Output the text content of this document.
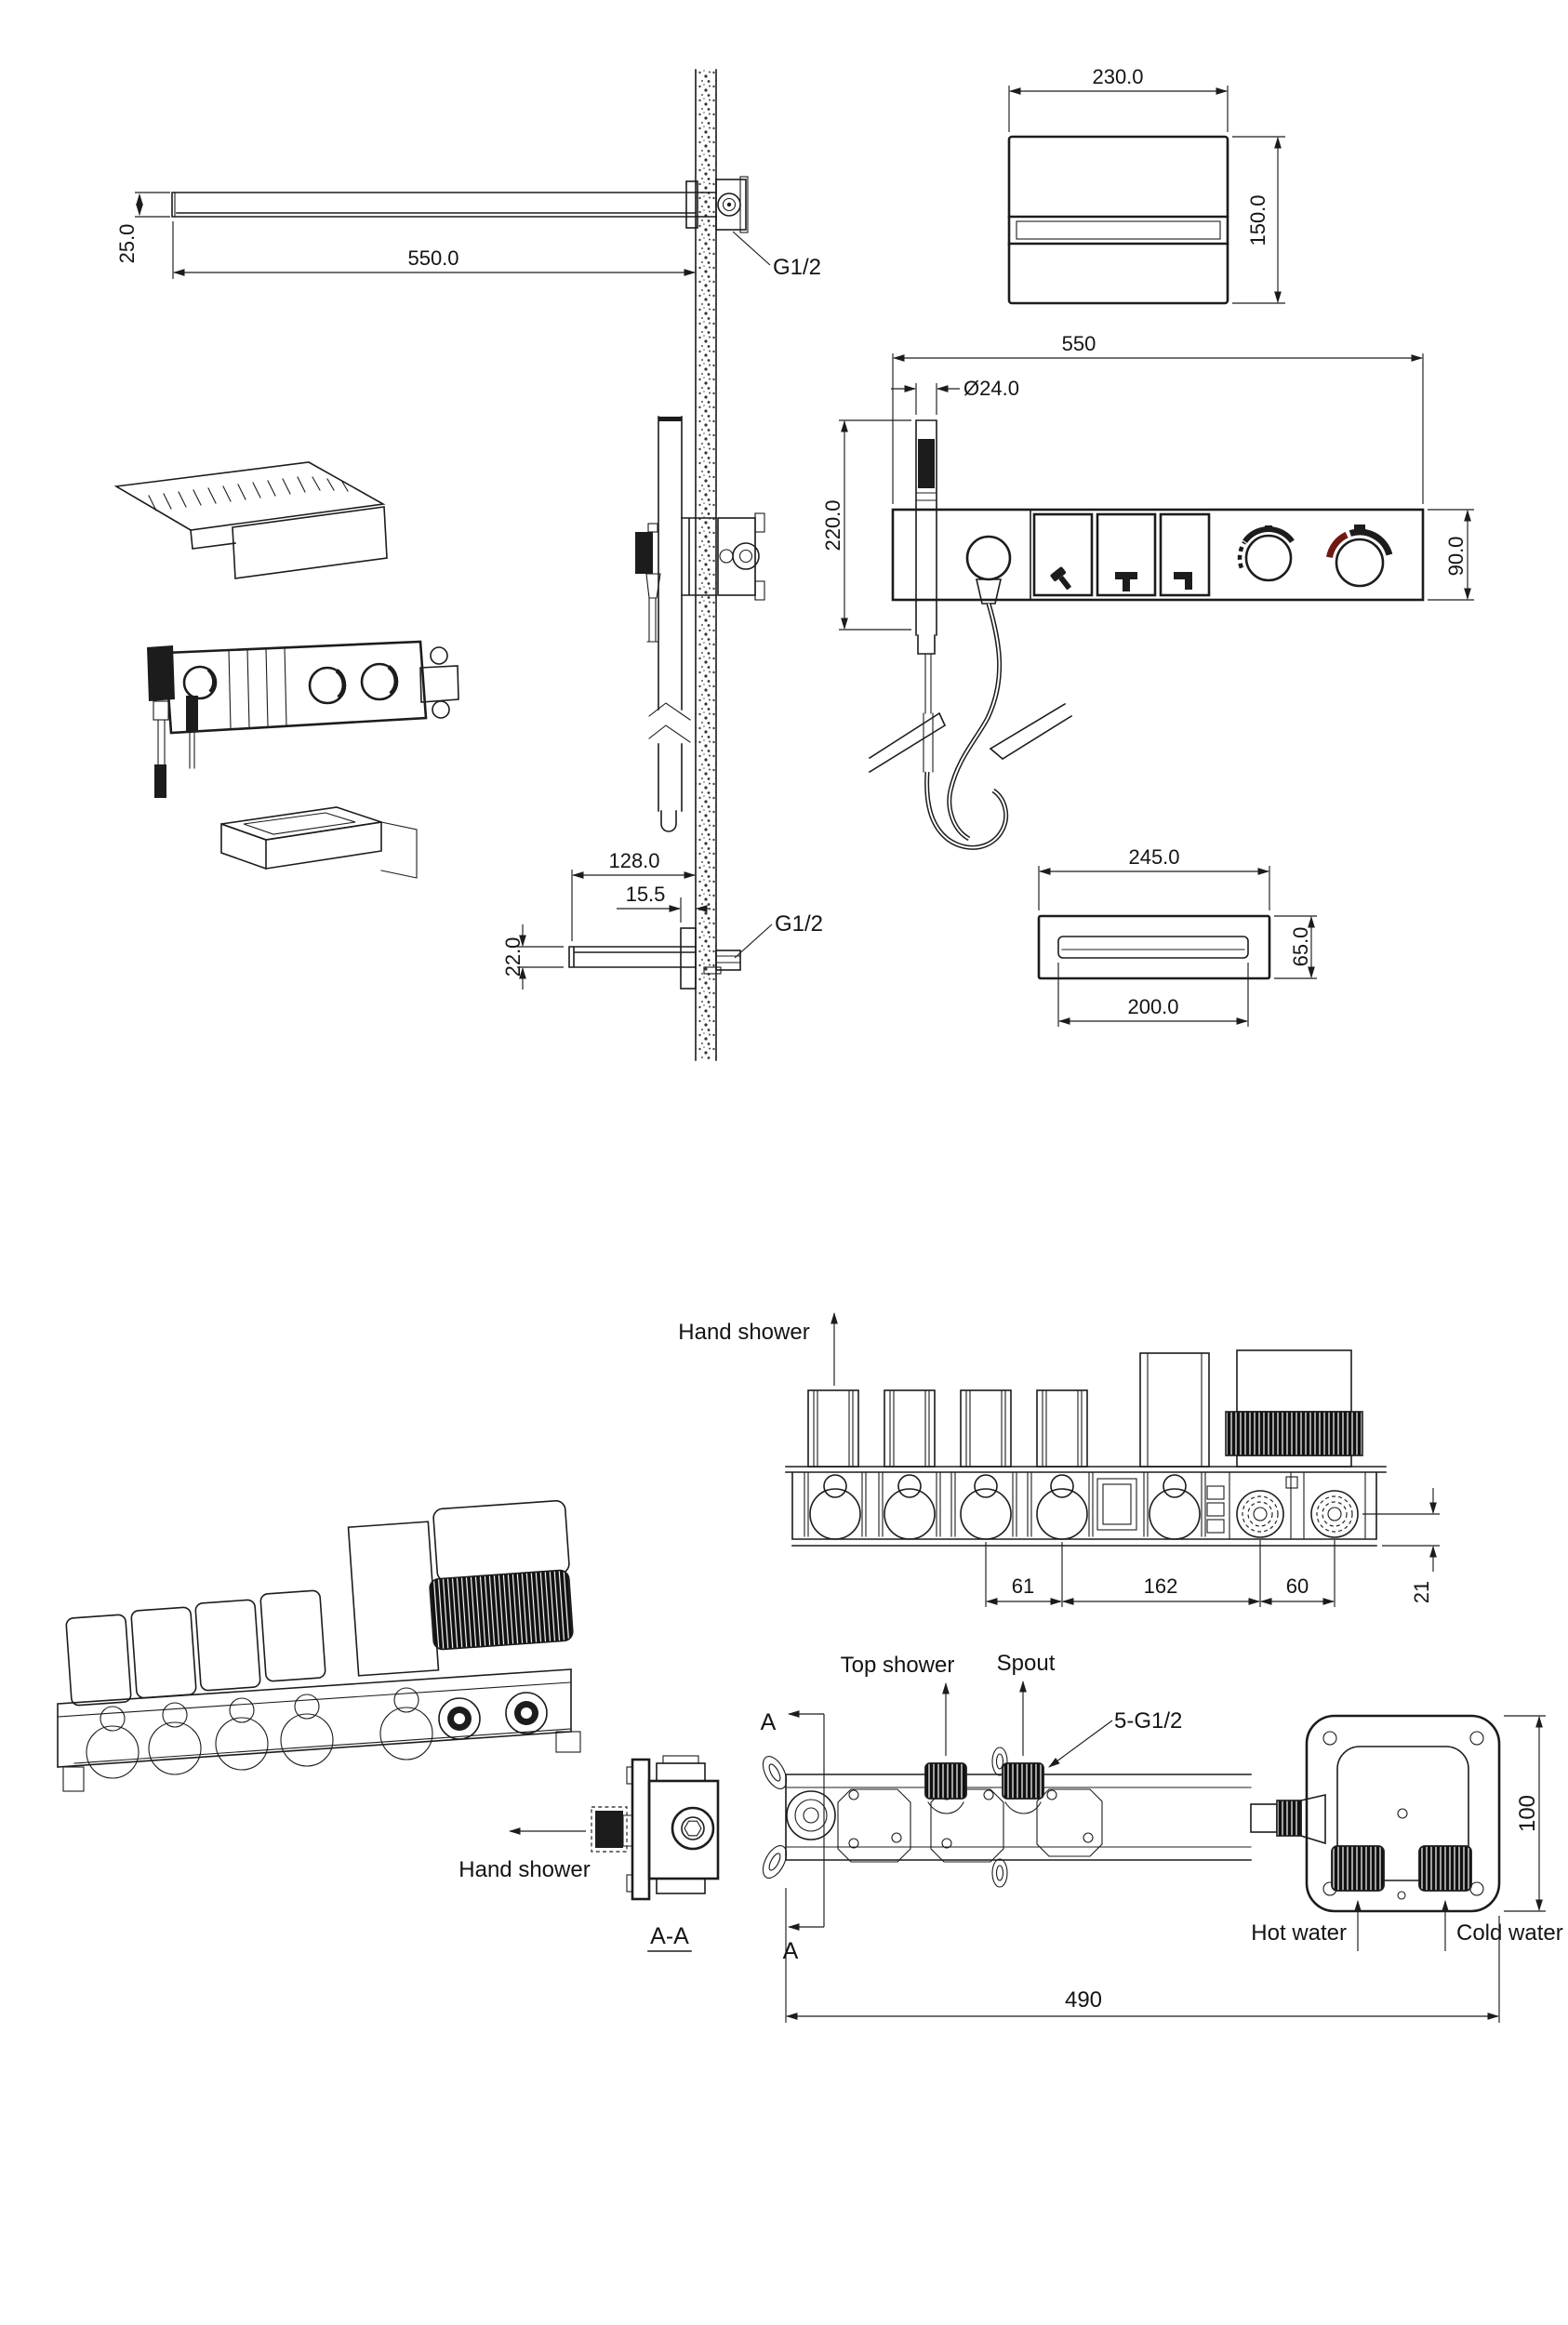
25.0	550.0	G1/2
230.0
150.0
128.0
15.5
22.0
G1/2
550
Ø24.0
220.0
90.0
245.0
65.0
200.0
Hand shower
61	162	60	21
Top shower Spout
5-G1/2
Hot water	Cold water
100
490
A
A
Hand shower
A-A
